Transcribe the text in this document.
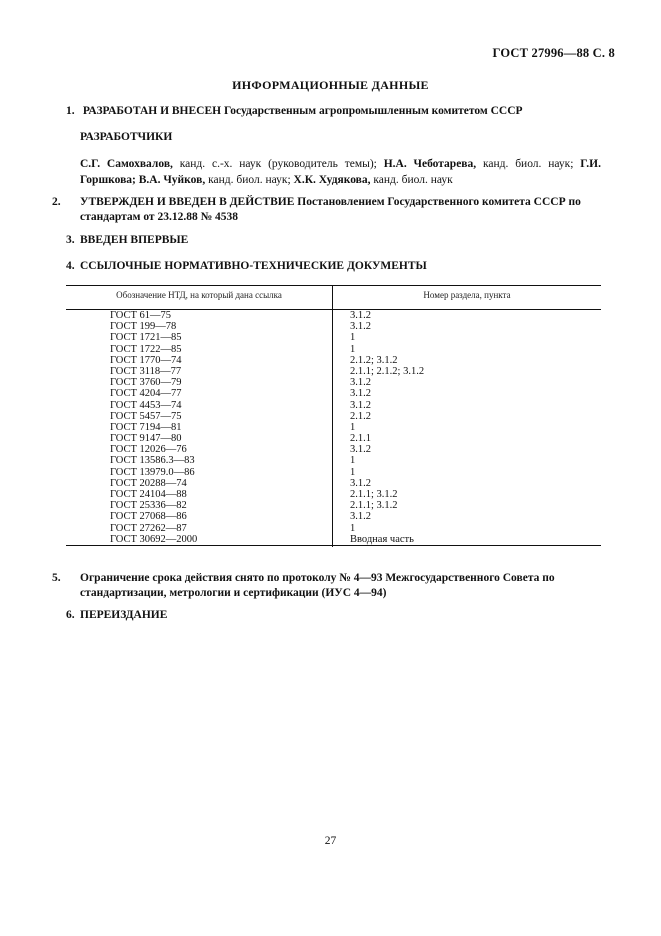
ГОСТ 27996—88 С. 8
ИНФОРМАЦИОННЫЕ ДАННЫЕ
1. РАЗРАБОТАН И ВНЕСЕН Государственным агропромышленным комитетом СССР
РАЗРАБОТЧИКИ
С.Г. Самохвалов, канд. с.-х. наук (руководитель темы); Н.А. Чеботарева, канд. биол. наук; Г.И. Горшкова; В.А. Чуйков, канд. биол. наук; Х.К. Худякова, канд. биол. наук
2. УТВЕРЖДЕН И ВВЕДЕН В ДЕЙСТВИЕ Постановлением Государственного комитета СССР по стандартам от 23.12.88 № 4538
3. ВВЕДЕН ВПЕРВЫЕ
4. ССЫЛОЧНЫЕ НОРМАТИВНО-ТЕХНИЧЕСКИЕ ДОКУМЕНТЫ
Обозначение НТД, на который дана ссылка	Номер раздела, пункта
ГОСТ 61—75	3.1.2
ГОСТ 199—78	3.1.2
ГОСТ 1721—85	1
ГОСТ 1722—85	1
ГОСТ 1770—74	2.1.2; 3.1.2
ГОСТ 3118—77	2.1.1; 2.1.2; 3.1.2
ГОСТ 3760—79	3.1.2
ГОСТ 4204—77	3.1.2
ГОСТ 4453—74	3.1.2
ГОСТ 5457—75	2.1.2
ГОСТ 7194—81	1
ГОСТ 9147—80	2.1.1
ГОСТ 12026—76	3.1.2
ГОСТ 13586.3—83	1
ГОСТ 13979.0—86	1
ГОСТ 20288—74	3.1.2
ГОСТ 24104—88	2.1.1; 3.1.2
ГОСТ 25336—82	2.1.1; 3.1.2
ГОСТ 27068—86	3.1.2
ГОСТ 27262—87	1
ГОСТ 30692—2000	Вводная часть
5. Ограничение срока действия снято по протоколу № 4—93 Межгосударственного Совета по стандартизации, метрологии и сертификации (ИУС 4—94)
6. ПЕРЕИЗДАНИЕ
27
